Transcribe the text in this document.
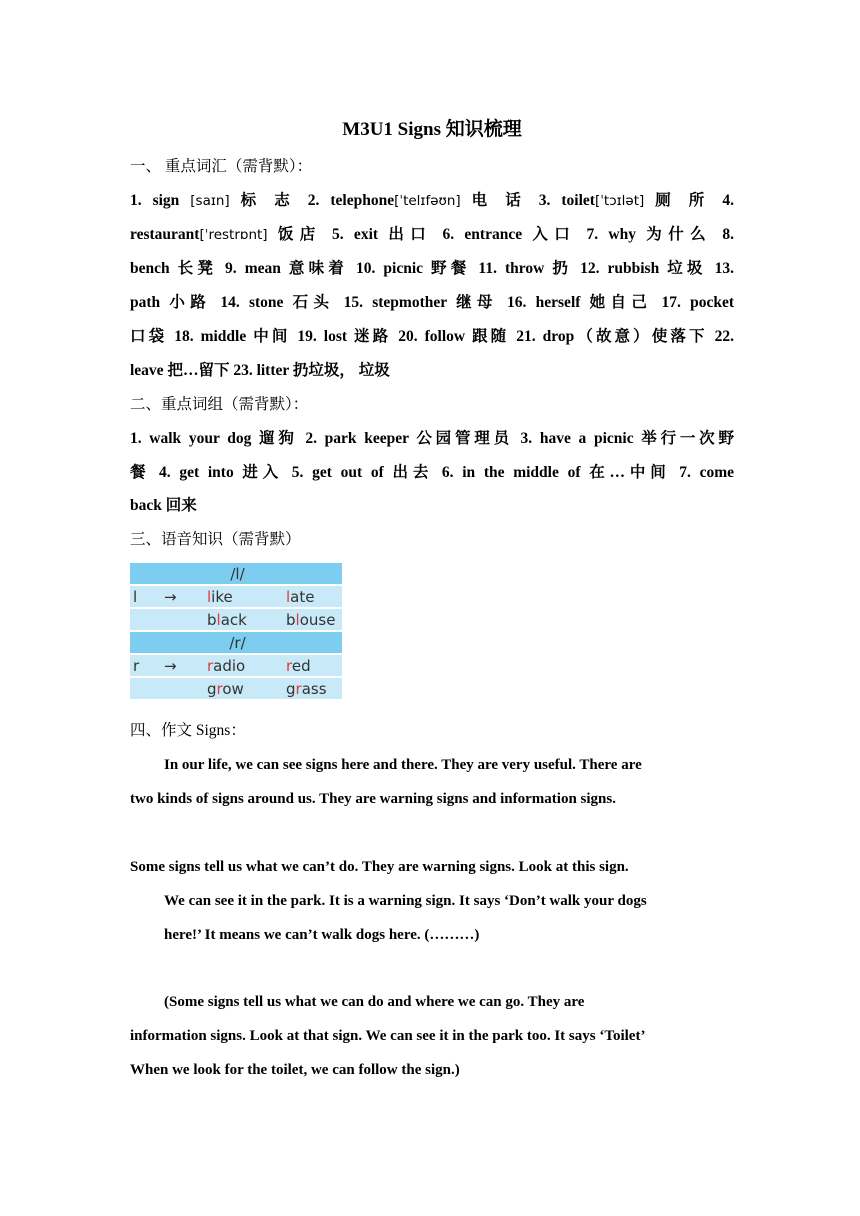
M3U1 Signs 知识梳理
一、 重点词汇（需背默）：
1. sign [saɪn] 标 志 2. telephone[ˈtelɪfəʊn] 电 话 3. toilet[ˈtɔɪlət] 厕 所 4.
restaurant[ˈrestrɒnt] 饭店 5. exit 出口 6. entrance 入口 7. why 为什么 8.
bench 长凳 9. mean 意味着 10. picnic 野餐 11. throw 扔 12. rubbish 垃圾 13.
path 小路 14. stone 石头 15. stepmother 继母 16. herself 她自己 17. pocket
口袋 18. middle 中间 19. lost 迷路 20. follow 跟随 21. drop（故意）使落下 22.
leave 把…留下 23. litter 扔垃圾， 垃圾
二、重点词组（需背默）：
1. walk your dog 遛狗 2. park keeper 公园管理员 3. have a picnic 举行一次野
餐 4. get into 进入 5. get out of 出去 6. in the middle of 在…中间 7. come
back 回来
三、语音知识（需背默）
/l/			
l	→	like	late
		black	blouse
/r/			
r	→	radio	red
		grow	grass
四、作文 Signs：
In our life, we can see signs here and there. They are very useful. There are
two kinds of signs around us. They are warning signs and information signs.
Some signs tell us what we can’t do. They are warning signs. Look at this sign.
We can see it in the park. It is a warning sign. It says ‘Don’t walk your dogs
here!’ It means we can’t walk dogs here. (………)
(Some signs tell us what we can do and where we can go. They are
information signs. Look at that sign. We can see it in the park too. It says ‘Toilet’
When we look for the toilet, we can follow the sign.)
